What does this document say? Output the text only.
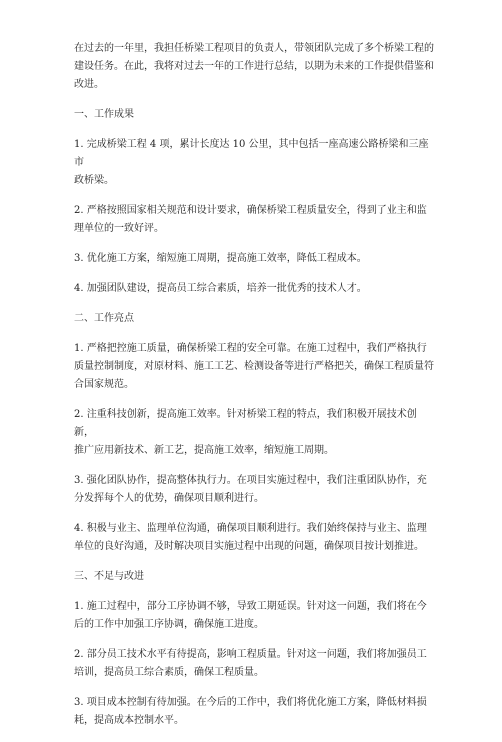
在过去的一年里，我担任桥梁工程项目的负责人，带领团队完成了多个桥梁工程的

建设任务。在此，我将对过去一年的工作进行总结，以期为未来的工作提供借鉴和

改进。

一、工作成果

1. 完成桥梁工程 4 项，累计长度达 10 公里，其中包括一座高速公路桥梁和三座市

政桥梁。

2. 严格按照国家相关规范和设计要求，确保桥梁工程质量安全，得到了业主和监

理单位的一致好评。

3. 优化施工方案，缩短施工周期，提高施工效率，降低工程成本。

4. 加强团队建设，提高员工综合素质，培养一批优秀的技术人才。

二、工作亮点

1. 严格把控施工质量，确保桥梁工程的安全可靠。在施工过程中，我们严格执行

质量控制制度，对原材料、施工工艺、检测设备等进行严格把关，确保工程质量符

合国家规范。

2. 注重科技创新，提高施工效率。针对桥梁工程的特点，我们积极开展技术创新，

推广应用新技术、新工艺，提高施工效率，缩短施工周期。

3. 强化团队协作，提高整体执行力。在项目实施过程中，我们注重团队协作，充

分发挥每个人的优势，确保项目顺利进行。

4. 积极与业主、监理单位沟通，确保项目顺利进行。我们始终保持与业主、监理

单位的良好沟通，及时解决项目实施过程中出现的问题，确保项目按计划推进。

三、不足与改进

1. 施工过程中，部分工序协调不够，导致工期延误。针对这一问题，我们将在今

后的工作中加强工序协调，确保施工进度。

2. 部分员工技术水平有待提高，影响工程质量。针对这一问题，我们将加强员工

培训，提高员工综合素质，确保工程质量。

3. 项目成本控制有待加强。在今后的工作中，我们将优化施工方案，降低材料损

耗，提高成本控制水平。
